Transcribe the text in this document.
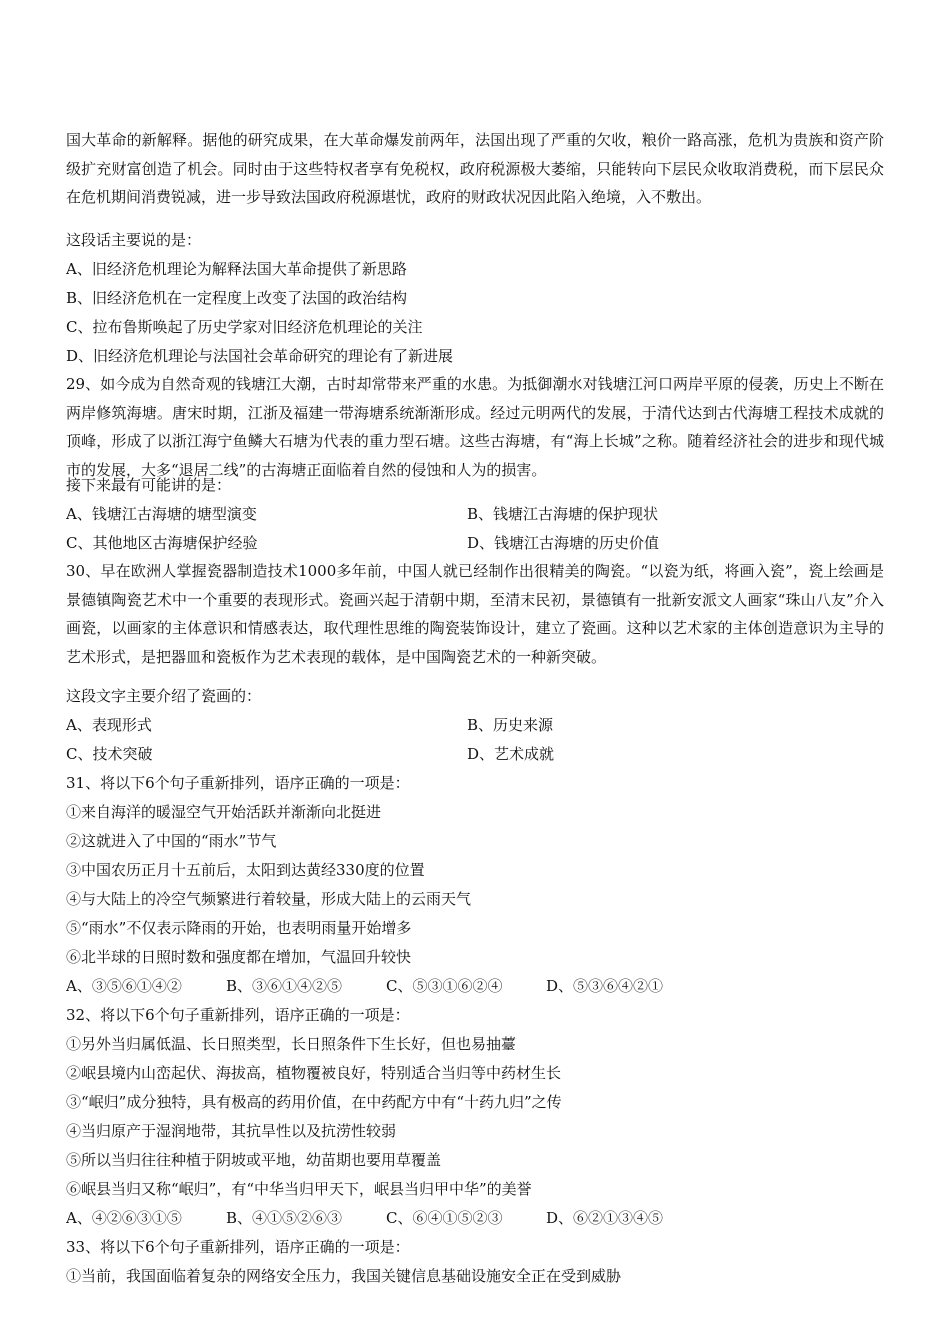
国大革命的新解释。据他的研究成果，在大革命爆发前两年，法国出现了严重的欠收，粮价一路高涨，危机为贵族和资产阶级扩充财富创造了机会。同时由于这些特权者享有免税权，政府税源极大萎缩，只能转向下层民众收取消费税，而下层民众在危机期间消费锐减，进一步导致法国政府税源堪忧，政府的财政状况因此陷入绝境，入不敷出。

这段话主要说的是：

A、旧经济危机理论为解释法国大革命提供了新思路

B、旧经济危机在一定程度上改变了法国的政治结构

C、拉布鲁斯唤起了历史学家对旧经济危机理论的关注

D、旧经济危机理论与法国社会革命研究的理论有了新进展

29、如今成为自然奇观的钱塘江大潮，古时却常带来严重的水患。为抵御潮水对钱塘江河口两岸平原的侵袭，历史上不断在两岸修筑海塘。唐宋时期，江浙及福建一带海塘系统渐渐形成。经过元明两代的发展，于清代达到古代海塘工程技术成就的顶峰，形成了以浙江海宁鱼鳞大石塘为代表的重力型石塘。这些古海塘，有“海上长城”之称。随着经济社会的进步和现代城市的发展，大多“退居二线”的古海塘正面临着自然的侵蚀和人为的损害。

接下来最有可能讲的是：

A、钱塘江古海塘的塘型演变	B、钱塘江古海塘的保护现状

C、其他地区古海塘保护经验	D、钱塘江古海塘的历史价值

30、早在欧洲人掌握瓷器制造技术1000多年前，中国人就已经制作出很精美的陶瓷。“以瓷为纸，将画入瓷”，瓷上绘画是景德镇陶瓷艺术中一个重要的表现形式。瓷画兴起于清朝中期，至清末民初，景德镇有一批新安派文人画家“珠山八友”介入画瓷，以画家的主体意识和情感表达，取代理性思维的陶瓷装饰设计，建立了瓷画。这种以艺术家的主体创造意识为主导的艺术形式，是把器皿和瓷板作为艺术表现的载体，是中国陶瓷艺术的一种新突破。

这段文字主要介绍了瓷画的：

A、表现形式	B、历史来源

C、技术突破	D、艺术成就

31、将以下6个句子重新排列，语序正确的一项是：

①来自海洋的暖湿空气开始活跃并渐渐向北挺进

②这就进入了中国的“雨水”节气

③中国农历正月十五前后，太阳到达黄经330度的位置

④与大陆上的冷空气频繁进行着较量，形成大陆上的云雨天气

⑤“雨水”不仅表示降雨的开始，也表明雨量开始增多

⑥北半球的日照时数和强度都在增加，气温回升较快

A、③⑤⑥①④②	B、③⑥①④②⑤	C、⑤③①⑥②④	D、⑤③⑥④②①

32、将以下6个句子重新排列，语序正确的一项是：

①另外当归属低温、长日照类型，长日照条件下生长好，但也易抽薹

②岷县境内山峦起伏、海拔高，植物覆被良好，特别适合当归等中药材生长

③“岷归”成分独特，具有极高的药用价值，在中药配方中有“十药九归”之传

④当归原产于湿润地带，其抗旱性以及抗涝性较弱

⑤所以当归往往种植于阴坡或平地，幼苗期也要用草覆盖

⑥岷县当归又称“岷归”，有“中华当归甲天下，岷县当归甲中华”的美誉

A、④②⑥③①⑤	B、④①⑤②⑥③	C、⑥④①⑤②③	D、⑥②①③④⑤

33、将以下6个句子重新排列，语序正确的一项是：

①当前，我国面临着复杂的网络安全压力，我国关键信息基础设施安全正在受到威胁
